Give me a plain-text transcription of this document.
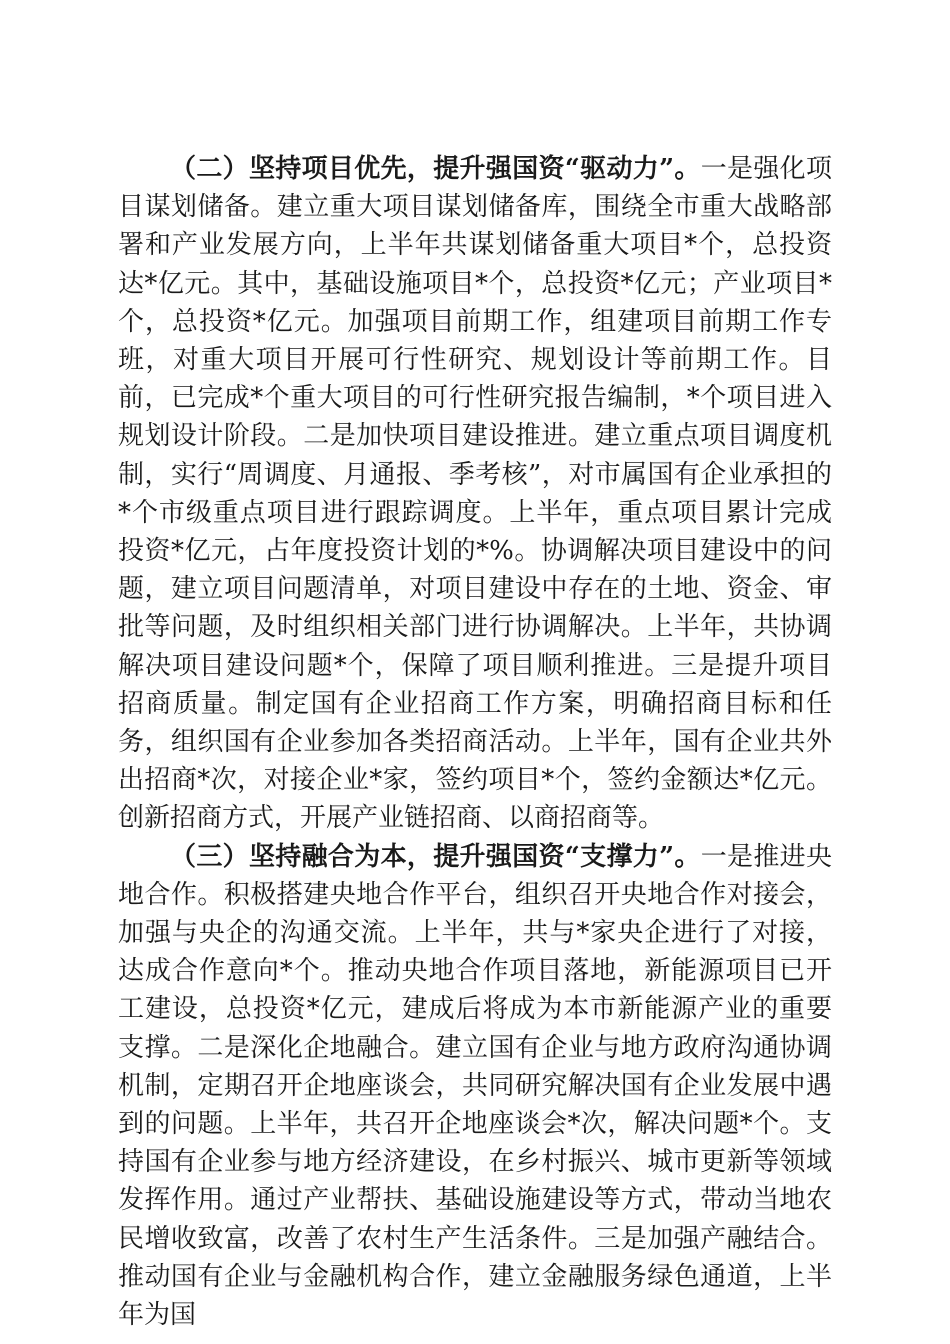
（二）坚持项目优先，提升强国资“驱动力”。一是强化项目谋划储备。建立重大项目谋划储备库，围绕全市重大战略部署和产业发展方向，上半年共谋划储备重大项目*个，总投资达*亿元。其中，基础设施项目*个，总投资*亿元；产业项目*个，总投资*亿元。加强项目前期工作，组建项目前期工作专班，对重大项目开展可行性研究、规划设计等前期工作。目前，已完成*个重大项目的可行性研究报告编制，*个项目进入规划设计阶段。二是加快项目建设推进。建立重点项目调度机制，实行“周调度、月通报、季考核”，对市属国有企业承担的*个市级重点项目进行跟踪调度。上半年，重点项目累计完成投资*亿元，占年度投资计划的*%。协调解决项目建设中的问题，建立项目问题清单，对项目建设中存在的土地、资金、审批等问题，及时组织相关部门进行协调解决。上半年，共协调解决项目建设问题*个，保障了项目顺利推进。三是提升项目招商质量。制定国有企业招商工作方案，明确招商目标和任务，组织国有企业参加各类招商活动。上半年，国有企业共外出招商*次，对接企业*家，签约项目*个，签约金额达*亿元。创新招商方式，开展产业链招商、以商招商等。

（三）坚持融合为本，提升强国资“支撑力”。一是推进央地合作。积极搭建央地合作平台，组织召开央地合作对接会，加强与央企的沟通交流。上半年，共与*家央企进行了对接，达成合作意向*个。推动央地合作项目落地，新能源项目已开工建设，总投资*亿元，建成后将成为本市新能源产业的重要支撑。二是深化企地融合。建立国有企业与地方政府沟通协调机制，定期召开企地座谈会，共同研究解决国有企业发展中遇到的问题。上半年，共召开企地座谈会*次，解决问题*个。支持国有企业参与地方经济建设，在乡村振兴、城市更新等领域发挥作用。通过产业帮扶、基础设施建设等方式，带动当地农民增收致富，改善了农村生产生活条件。三是加强产融结合。推动国有企业与金融机构合作，建立金融服务绿色通道，上半年为国
